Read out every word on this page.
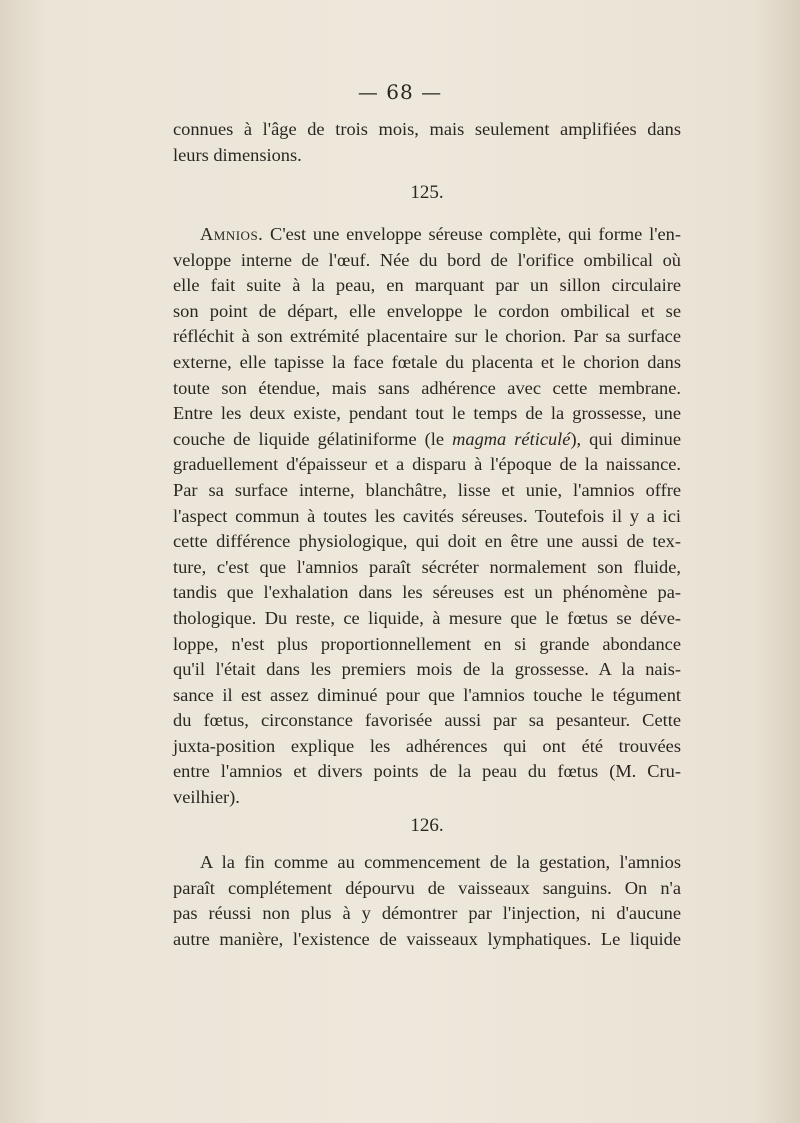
— 68 —
connues à l'âge de trois mois, mais seulement amplifiées dans
leurs dimensions.
125.
Amnios. C'est une enveloppe séreuse complète, qui forme l'en-
veloppe interne de l'œuf. Née du bord de l'orifice ombilical où
elle fait suite à la peau, en marquant par un sillon circulaire
son point de départ, elle enveloppe le cordon ombilical et se
réfléchit à son extrémité placentaire sur le chorion. Par sa surface
externe, elle tapisse la face fœtale du placenta et le chorion dans
toute son étendue, mais sans adhérence avec cette membrane.
Entre les deux existe, pendant tout le temps de la grossesse, une
couche de liquide gélatiniforme (le magma réticulé), qui diminue
graduellement d'épaisseur et a disparu à l'époque de la naissance.
Par sa surface interne, blanchâtre, lisse et unie, l'amnios offre
l'aspect commun à toutes les cavités séreuses. Toutefois il y a ici
cette différence physiologique, qui doit en être une aussi de tex-
ture, c'est que l'amnios paraît sécréter normalement son fluide,
tandis que l'exhalation dans les séreuses est un phénomène pa-
thologique. Du reste, ce liquide, à mesure que le fœtus se déve-
loppe, n'est plus proportionnellement en si grande abondance
qu'il l'était dans les premiers mois de la grossesse. A la nais-
sance il est assez diminué pour que l'amnios touche le tégument
du fœtus, circonstance favorisée aussi par sa pesanteur. Cette
juxta-position explique les adhérences qui ont été trouvées
entre l'amnios et divers points de la peau du fœtus (M. Cru-
veilhier).
126.
A la fin comme au commencement de la gestation, l'amnios
paraît complétement dépourvu de vaisseaux sanguins. On n'a
pas réussi non plus à y démontrer par l'injection, ni d'aucune
autre manière, l'existence de vaisseaux lymphatiques. Le liquide
